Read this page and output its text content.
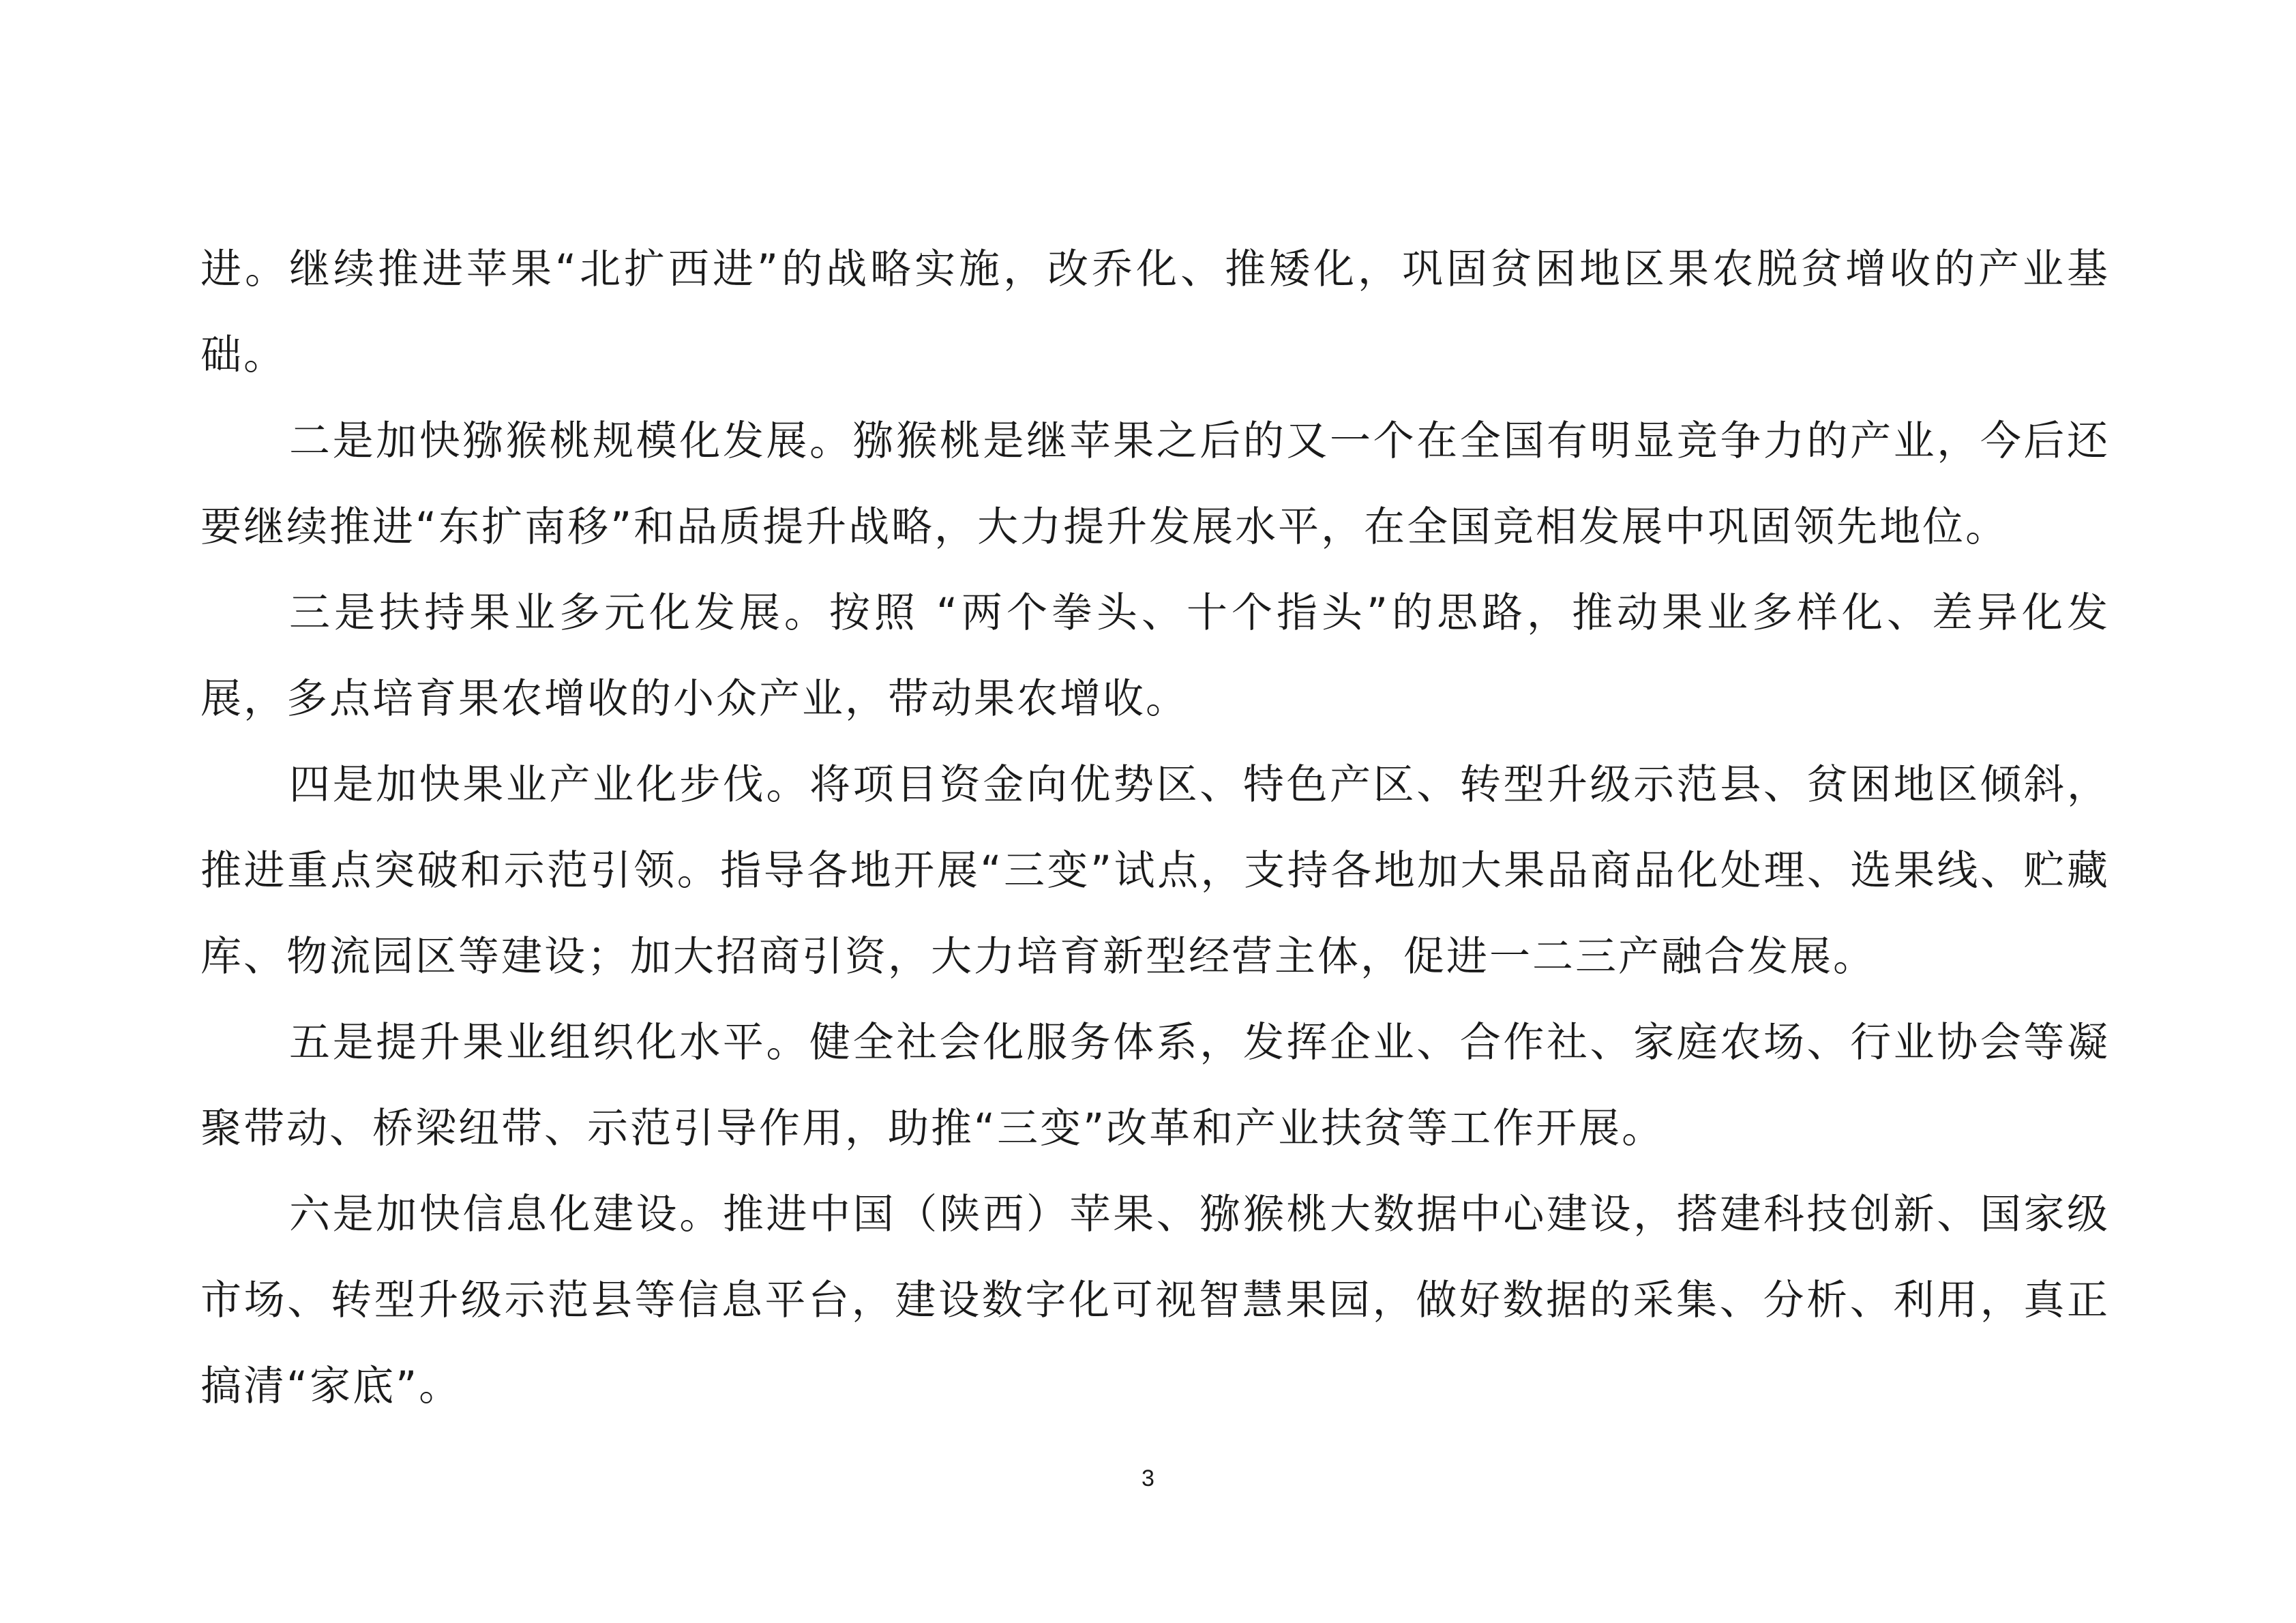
进。继续推进苹果“北扩西进”的战略实施，改乔化、推矮化，巩固贫困地区果农脱贫增收的产业基础。

二是加快猕猴桃规模化发展。猕猴桃是继苹果之后的又一个在全国有明显竞争力的产业，今后还要继续推进“东扩南移”和品质提升战略，大力提升发展水平，在全国竞相发展中巩固领先地位。

三是扶持果业多元化发展。按照 “两个拳头、十个指头”的思路，推动果业多样化、差异化发展，多点培育果农增收的小众产业，带动果农增收。

四是加快果业产业化步伐。将项目资金向优势区、特色产区、转型升级示范县、贫困地区倾斜，推进重点突破和示范引领。指导各地开展“三变”试点，支持各地加大果品商品化处理、选果线、贮藏库、物流园区等建设；加大招商引资，大力培育新型经营主体，促进一二三产融合发展。

五是提升果业组织化水平。健全社会化服务体系，发挥企业、合作社、家庭农场、行业协会等凝聚带动、桥梁纽带、示范引导作用，助推“三变”改革和产业扶贫等工作开展。

六是加快信息化建设。推进中国（陕西）苹果、猕猴桃大数据中心建设，搭建科技创新、国家级市场、转型升级示范县等信息平台，建设数字化可视智慧果园，做好数据的采集、分析、利用，真正搞清“家底”。

3
